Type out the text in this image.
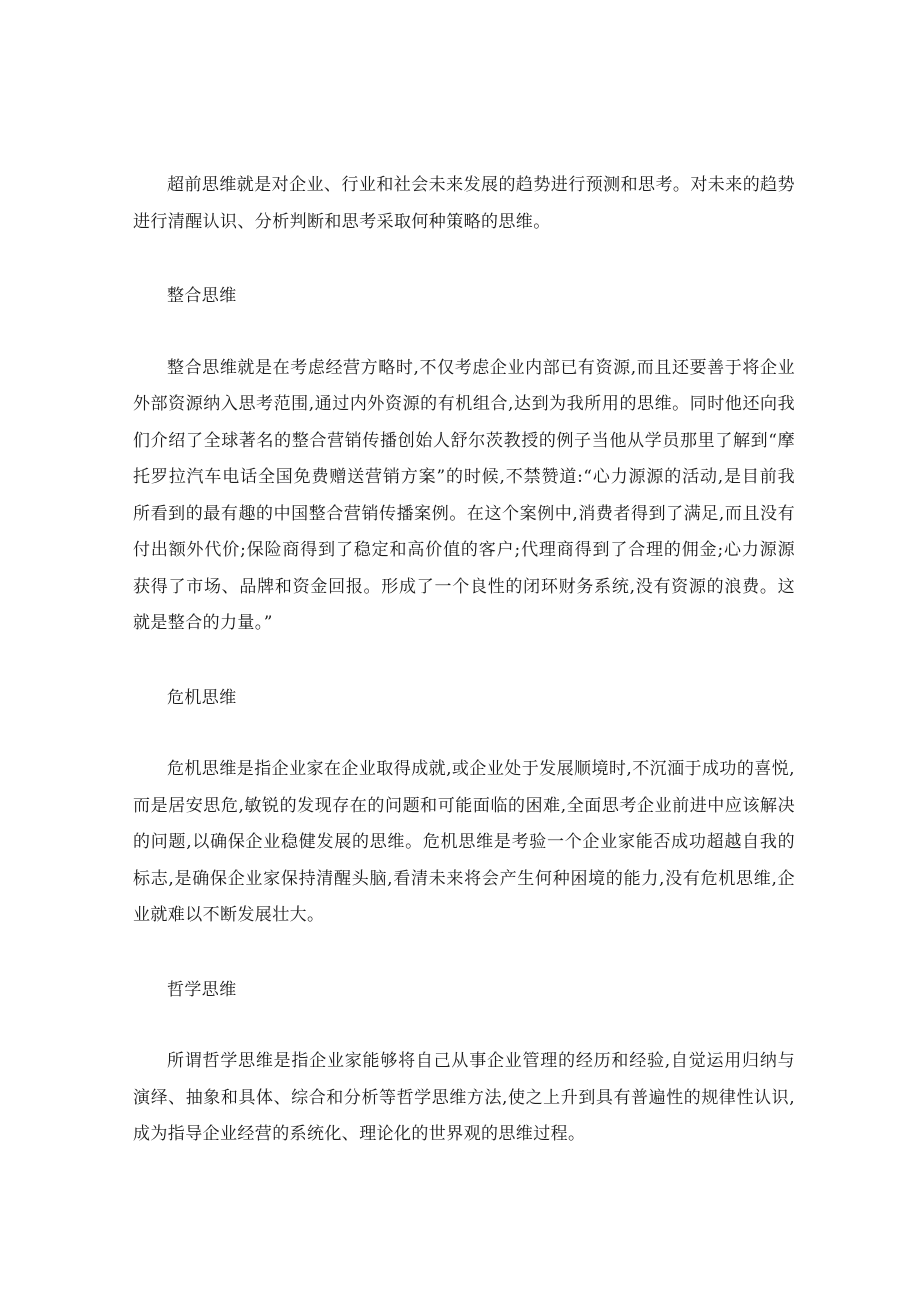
超前思维就是对企业、行业和社会未来发展的趋势进行预测和思考。对未来的趋势进行清醒认识、分析判断和思考采取何种策略的思维。

整合思维

整合思维就是在考虑经营方略时,不仅考虑企业内部已有资源,而且还要善于将企业外部资源纳入思考范围,通过内外资源的有机组合,达到为我所用的思维。同时他还向我们介绍了全球著名的整合营销传播创始人舒尔茨教授的例子当他从学员那里了解到“摩托罗拉汽车电话全国免费赠送营销方案”的时候,不禁赞道:“心力源源的活动,是目前我所看到的最有趣的中国整合营销传播案例。在这个案例中,消费者得到了满足,而且没有付出额外代价;保险商得到了稳定和高价值的客户;代理商得到了合理的佣金;心力源源获得了市场、品牌和资金回报。形成了一个良性的闭环财务系统,没有资源的浪费。这就是整合的力量。”

危机思维

危机思维是指企业家在企业取得成就,或企业处于发展顺境时,不沉湎于成功的喜悦,而是居安思危,敏锐的发现存在的问题和可能面临的困难,全面思考企业前进中应该解决的问题,以确保企业稳健发展的思维。危机思维是考验一个企业家能否成功超越自我的标志,是确保企业家保持清醒头脑,看清未来将会产生何种困境的能力,没有危机思维,企业就难以不断发展壮大。

哲学思维

所谓哲学思维是指企业家能够将自己从事企业管理的经历和经验,自觉运用归纳与演绎、抽象和具体、综合和分析等哲学思维方法,使之上升到具有普遍性的规律性认识,成为指导企业经营的系统化、理论化的世界观的思维过程。
